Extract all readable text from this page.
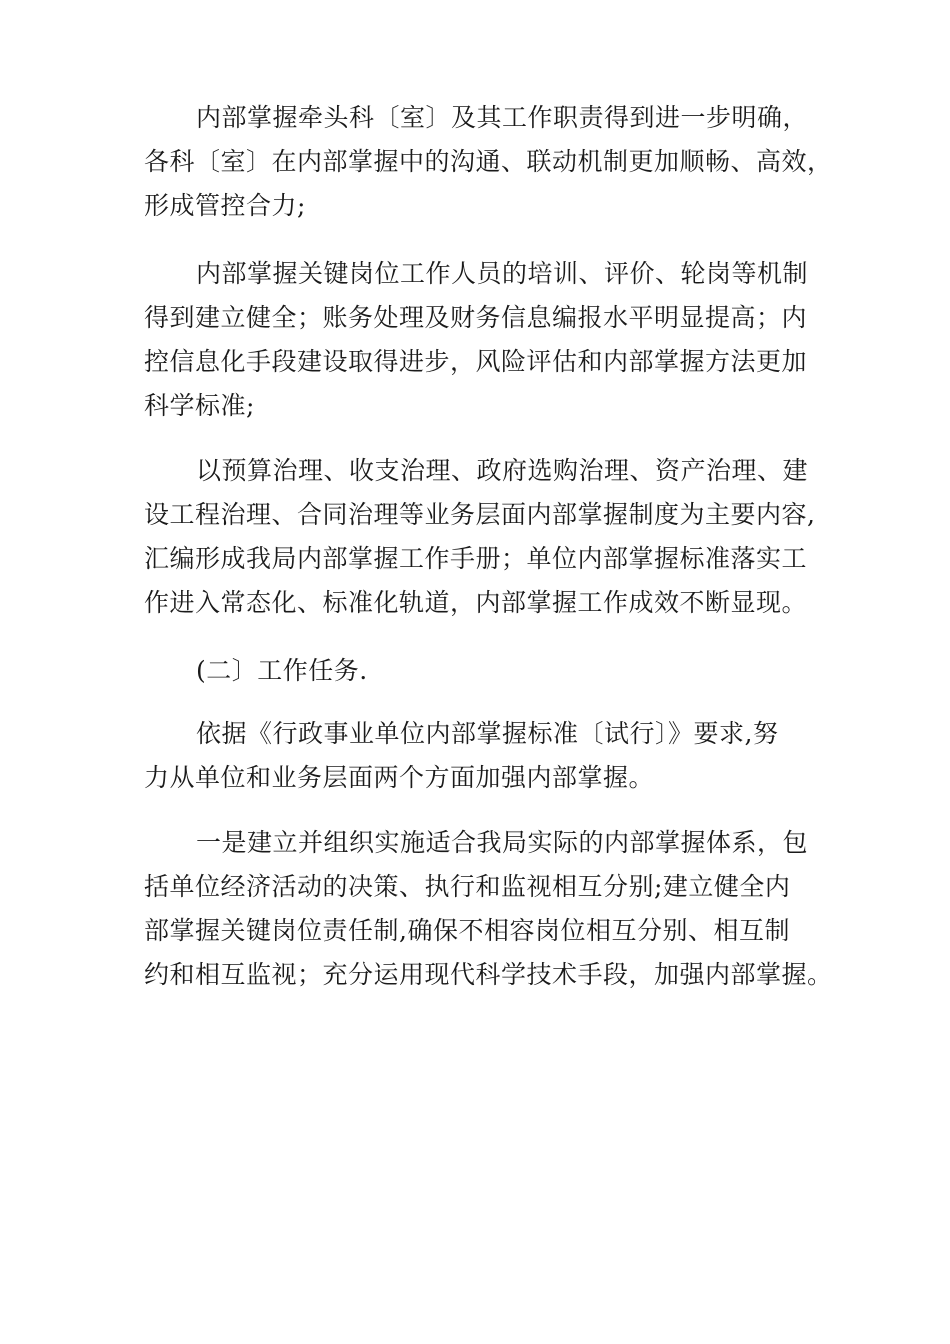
内部掌握牵头科〔室〕及其工作职责得到进一步明确，
各科〔室〕在内部掌握中的沟通、联动机制更加顺畅、高效，
形成管控合力;
内部掌握关键岗位工作人员的培训、评价、轮岗等机制
得到建立健全；账务处理及财务信息编报水平明显提高；内
控信息化手段建设取得进步，风险评估和内部掌握方法更加
科学标准;
以预算治理、收支治理、政府选购治理、资产治理、建
设工程治理、合同治理等业务层面内部掌握制度为主要内容,
汇编形成我局内部掌握工作手册；单位内部掌握标准落实工
作进入常态化、标准化轨道，内部掌握工作成效不断显现。
(二〕工作任务.
依据《行政事业单位内部掌握标准〔试行〕》要求,努
力从单位和业务层面两个方面加强内部掌握。
一是建立并组织实施适合我局实际的内部掌握体系，包
括单位经济活动的决策、执行和监视相互分别;建立健全内
部掌握关键岗位责任制,确保不相容岗位相互分别、相互制
约和相互监视；充分运用现代科学技术手段，加强内部掌握。
